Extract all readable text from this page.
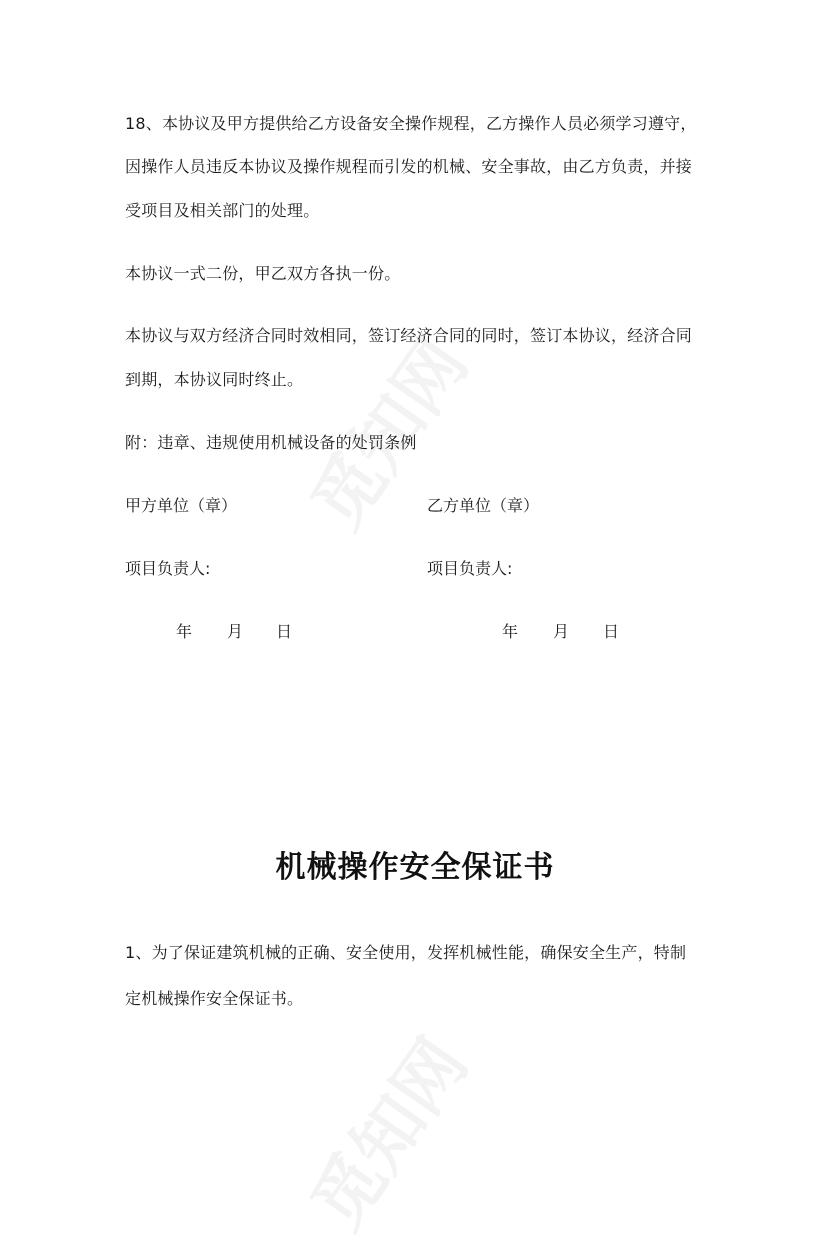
18、本协议及甲方提供给乙方设备安全操作规程，乙方操作人员必须学习遵守，
因操作人员违反本协议及操作规程而引发的机械、安全事故，由乙方负责，并接
受项目及相关部门的处理。
本协议一式二份，甲乙双方各执一份。
本协议与双方经济合同时效相同，签订经济合同的同时，签订本协议，经济合同
到期，本协议同时终止。
附：违章、违规使用机械设备的处罚条例
甲方单位（章）	乙方单位（章）
项目负责人:	项目负责人:
年 月 日	年 月 日
机械操作安全保证书
1、为了保证建筑机械的正确、安全使用，发挥机械性能，确保安全生产，特制
定机械操作安全保证书。
